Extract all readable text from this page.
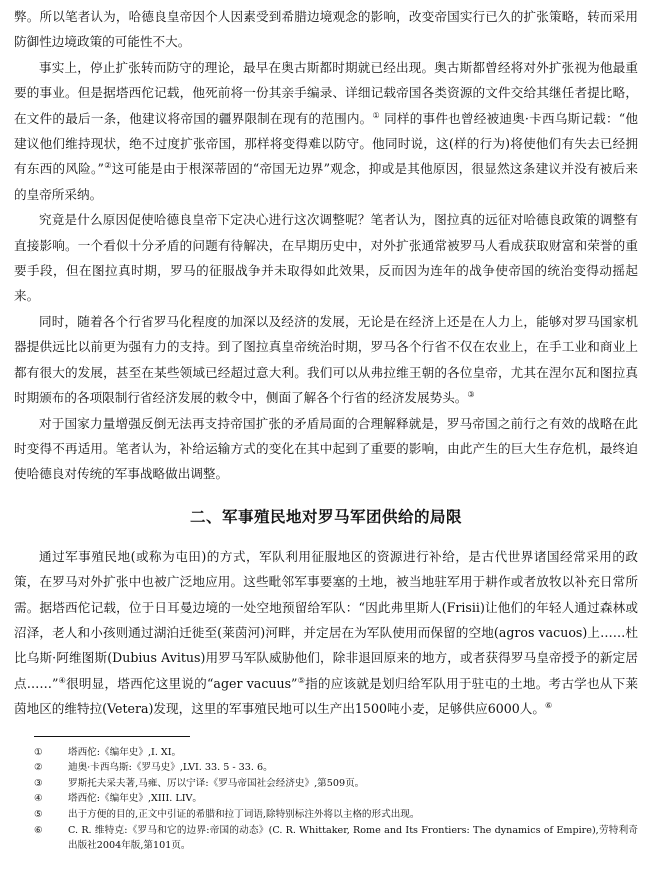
弊。所以笔者认为，哈德良皇帝因个人因素受到希腊边境观念的影响，改变帝国实行已久的扩张策略，转而采用防御性边境政策的可能性不大。

事实上，停止扩张转而防守的理论，最早在奥古斯都时期就已经出现。奥古斯都曾经将对外扩张视为他最重要的事业。但是据塔西佗记载，他死前将一份其亲手编录、详细记载帝国各类资源的文件交给其继任者提比略，在文件的最后一条，他建议将帝国的疆界限制在现有的范围内。① 同样的事件也曾经被迪奥·卡西乌斯记载：“他建议他们维持现状，绝不过度扩张帝国，那样将变得难以防守。他同时说，这(样的行为)将使他们有失去已经拥有东西的风险。”②这可能是由于根深蒂固的“帝国无边界”观念，抑或是其他原因，很显然这条建议并没有被后来的皇帝所采纳。

究竟是什么原因促使哈德良皇帝下定决心进行这次调整呢？笔者认为，图拉真的远征对哈德良政策的调整有直接影响。一个看似十分矛盾的问题有待解决，在早期历史中，对外扩张通常被罗马人看成获取财富和荣誉的重要手段，但在图拉真时期，罗马的征服战争并未取得如此效果，反而因为连年的战争使帝国的统治变得动摇起来。

同时，随着各个行省罗马化程度的加深以及经济的发展，无论是在经济上还是在人力上，能够对罗马国家机器提供远比以前更为强有力的支持。到了图拉真皇帝统治时期，罗马各个行省不仅在农业上，在手工业和商业上都有很大的发展，甚至在某些领域已经超过意大利。我们可以从弗拉维王朝的各位皇帝，尤其在涅尔瓦和图拉真时期颁布的各项限制行省经济发展的敕令中，侧面了解各个行省的经济发展势头。③

对于国家力量增强反倒无法再支持帝国扩张的矛盾局面的合理解释就是，罗马帝国之前行之有效的战略在此时变得不再适用。笔者认为，补给运输方式的变化在其中起到了重要的影响，由此产生的巨大生存危机，最终迫使哈德良对传统的军事战略做出调整。

二、军事殖民地对罗马军团供给的局限

通过军事殖民地(或称为屯田)的方式，军队利用征服地区的资源进行补给，是古代世界诸国经常采用的政策，在罗马对外扩张中也被广泛地应用。这些毗邻军事要塞的土地，被当地驻军用于耕作或者放牧以补充日常所需。据塔西佗记载，位于日耳曼边境的一处空地预留给军队：“因此弗里斯人(Frisii)让他们的年轻人通过森林或沼泽，老人和小孩则通过湖泊迁徙至(莱茵河)河畔，并定居在为军队使用而保留的空地(agros vacuos)上……杜比乌斯·阿维图斯(Dubius Avitus)用罗马军队威胁他们，除非退回原来的地方，或者获得罗马皇帝授予的新定居点……”④很明显，塔西佗这里说的“ager vacuus”⑤指的应该就是划归给军队用于驻屯的土地。考古学也从下莱茵地区的维特拉(Vetera)发现，这里的军事殖民地可以生产出1500吨小麦，足够供应6000人。⑥

①	塔西佗:《编年史》,I. XI。
②	迪奥·卡西乌斯:《罗马史》,LVI. 33. 5 - 33. 6。
③	罗斯托夫采夫著,马雍、厉以宁译:《罗马帝国社会经济史》,第509页。
④	塔西佗:《编年史》,XIII. LIV。
⑤	出于方便的目的,正文中引证的希腊和拉丁词语,除特别标注外将以主格的形式出现。
⑥	C. R. 维特克:《罗马和它的边界:帝国的动态》(C. R. Whittaker, Rome and Its Frontiers: The dynamics of Empire),劳特利奇出版社2004年版,第101页。
